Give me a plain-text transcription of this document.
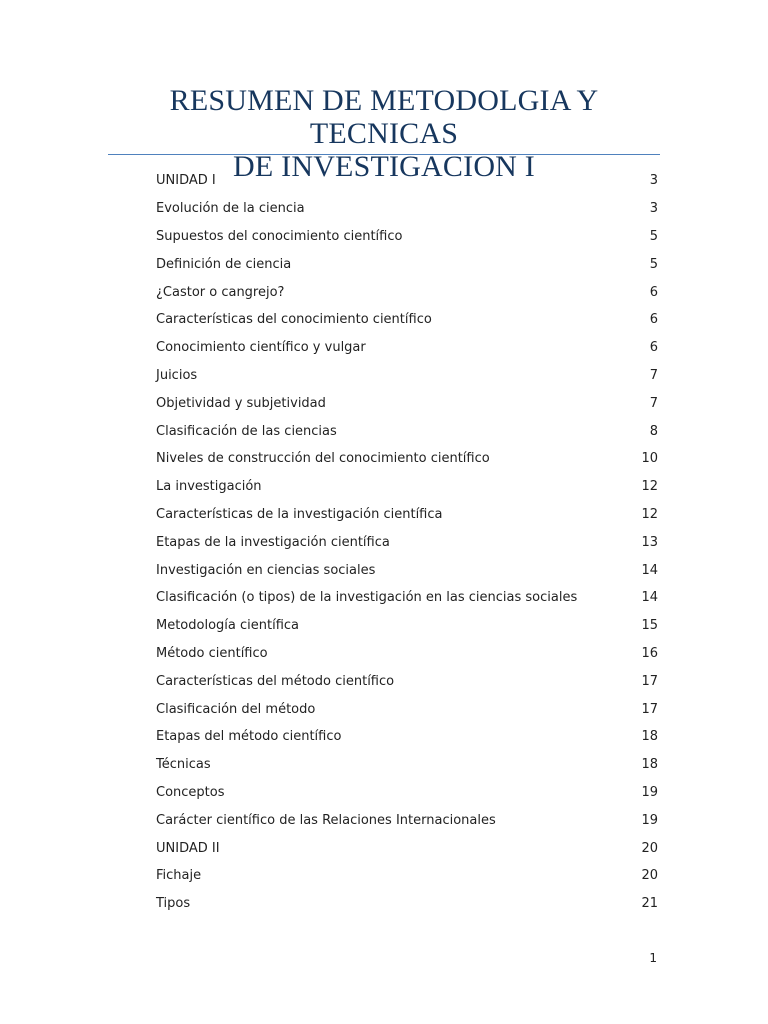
RESUMEN DE METODOLGIA Y TECNICAS
DE INVESTIGACION I
UNIDAD I	3
Evolución de la ciencia	3
Supuestos del conocimiento científico	5
Definición de ciencia	5
¿Castor o cangrejo?	6
Características del conocimiento científico	6
Conocimiento científico y vulgar	6
Juicios	7
Objetividad y subjetividad	7
Clasificación de las ciencias	8
Niveles de construcción del conocimiento científico	10
La investigación	12
Características de la investigación científica	12
Etapas de la investigación científica	13
Investigación en ciencias sociales	14
Clasificación (o tipos) de la investigación en las ciencias sociales	14
Metodología científica	15
Método científico	16
Características del método científico	17
Clasificación del método	17
Etapas del método científico	18
Técnicas	18
Conceptos	19
Carácter científico de las Relaciones Internacionales	19
UNIDAD II	20
Fichaje	20
Tipos	21
1
